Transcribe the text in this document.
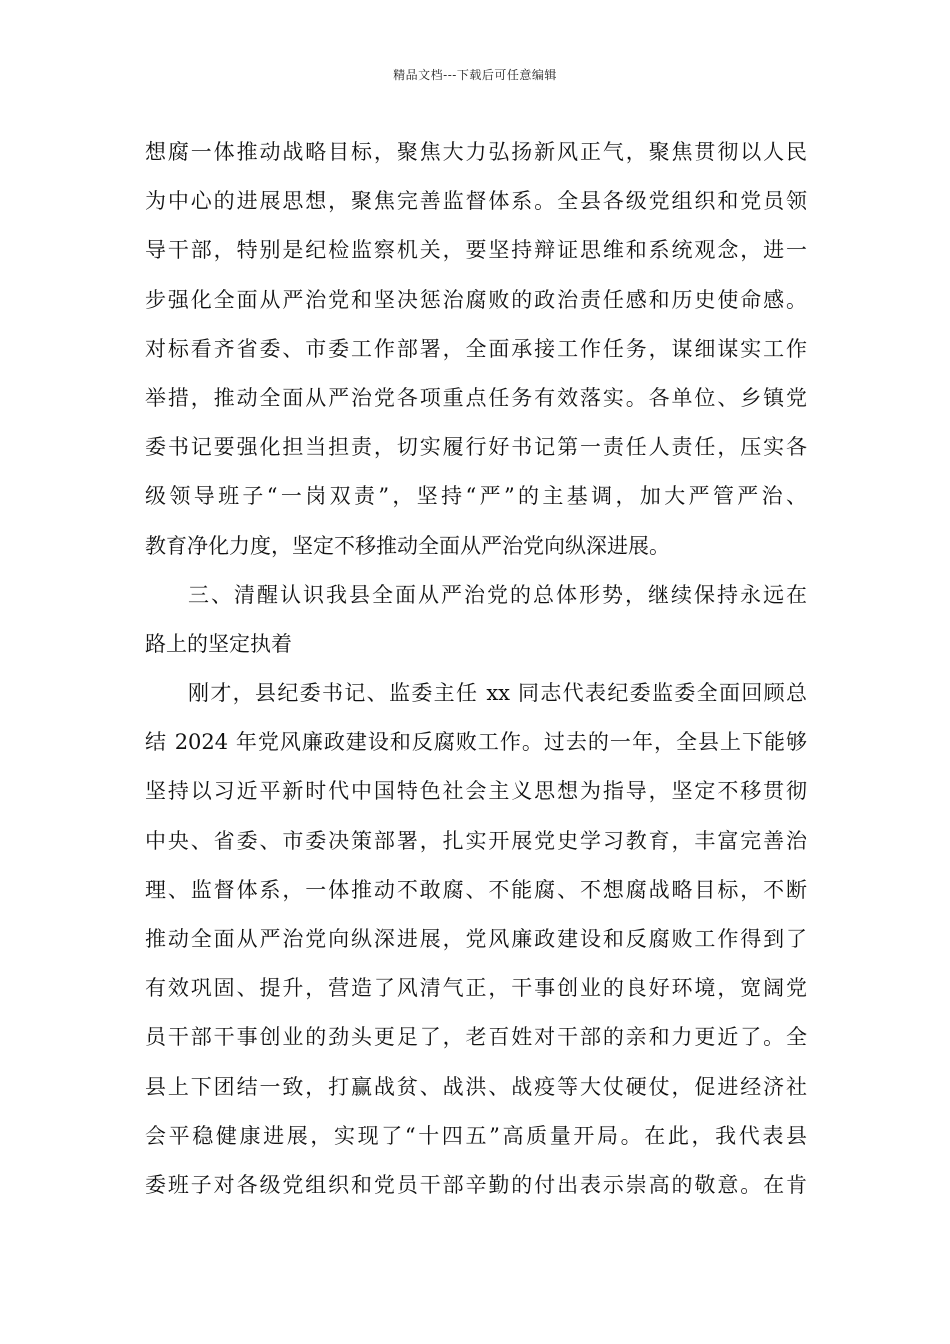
精品文档---下载后可任意编辑
想腐一体推动战略目标，聚焦大力弘扬新风正气，聚焦贯彻以人民
为中心的进展思想，聚焦完善监督体系。全县各级党组织和党员领
导干部，特别是纪检监察机关，要坚持辩证思维和系统观念，进一
步强化全面从严治党和坚决惩治腐败的政治责任感和历史使命感。
对标看齐省委、市委工作部署，全面承接工作任务，谋细谋实工作
举措，推动全面从严治党各项重点任务有效落实。各单位、乡镇党
委书记要强化担当担责，切实履行好书记第一责任人责任，压实各
级领导班子“一岗双责”，坚持“严”的主基调，加大严管严治、
教育净化力度，坚定不移推动全面从严治党向纵深进展。
三、清醒认识我县全面从严治党的总体形势，继续保持永远在
路上的坚定执着
刚才，县纪委书记、监委主任 xx 同志代表纪委监委全面回顾总
结 2024 年党风廉政建设和反腐败工作。过去的一年，全县上下能够
坚持以习近平新时代中国特色社会主义思想为指导，坚定不移贯彻
中央、省委、市委决策部署，扎实开展党史学习教育，丰富完善治
理、监督体系，一体推动不敢腐、不能腐、不想腐战略目标，不断
推动全面从严治党向纵深进展，党风廉政建设和反腐败工作得到了
有效巩固、提升，营造了风清气正，干事创业的良好环境，宽阔党
员干部干事创业的劲头更足了，老百姓对干部的亲和力更近了。全
县上下团结一致，打赢战贫、战洪、战疫等大仗硬仗，促进经济社
会平稳健康进展，实现了“十四五”高质量开局。在此，我代表县
委班子对各级党组织和党员干部辛勤的付出表示崇高的敬意。在肯
